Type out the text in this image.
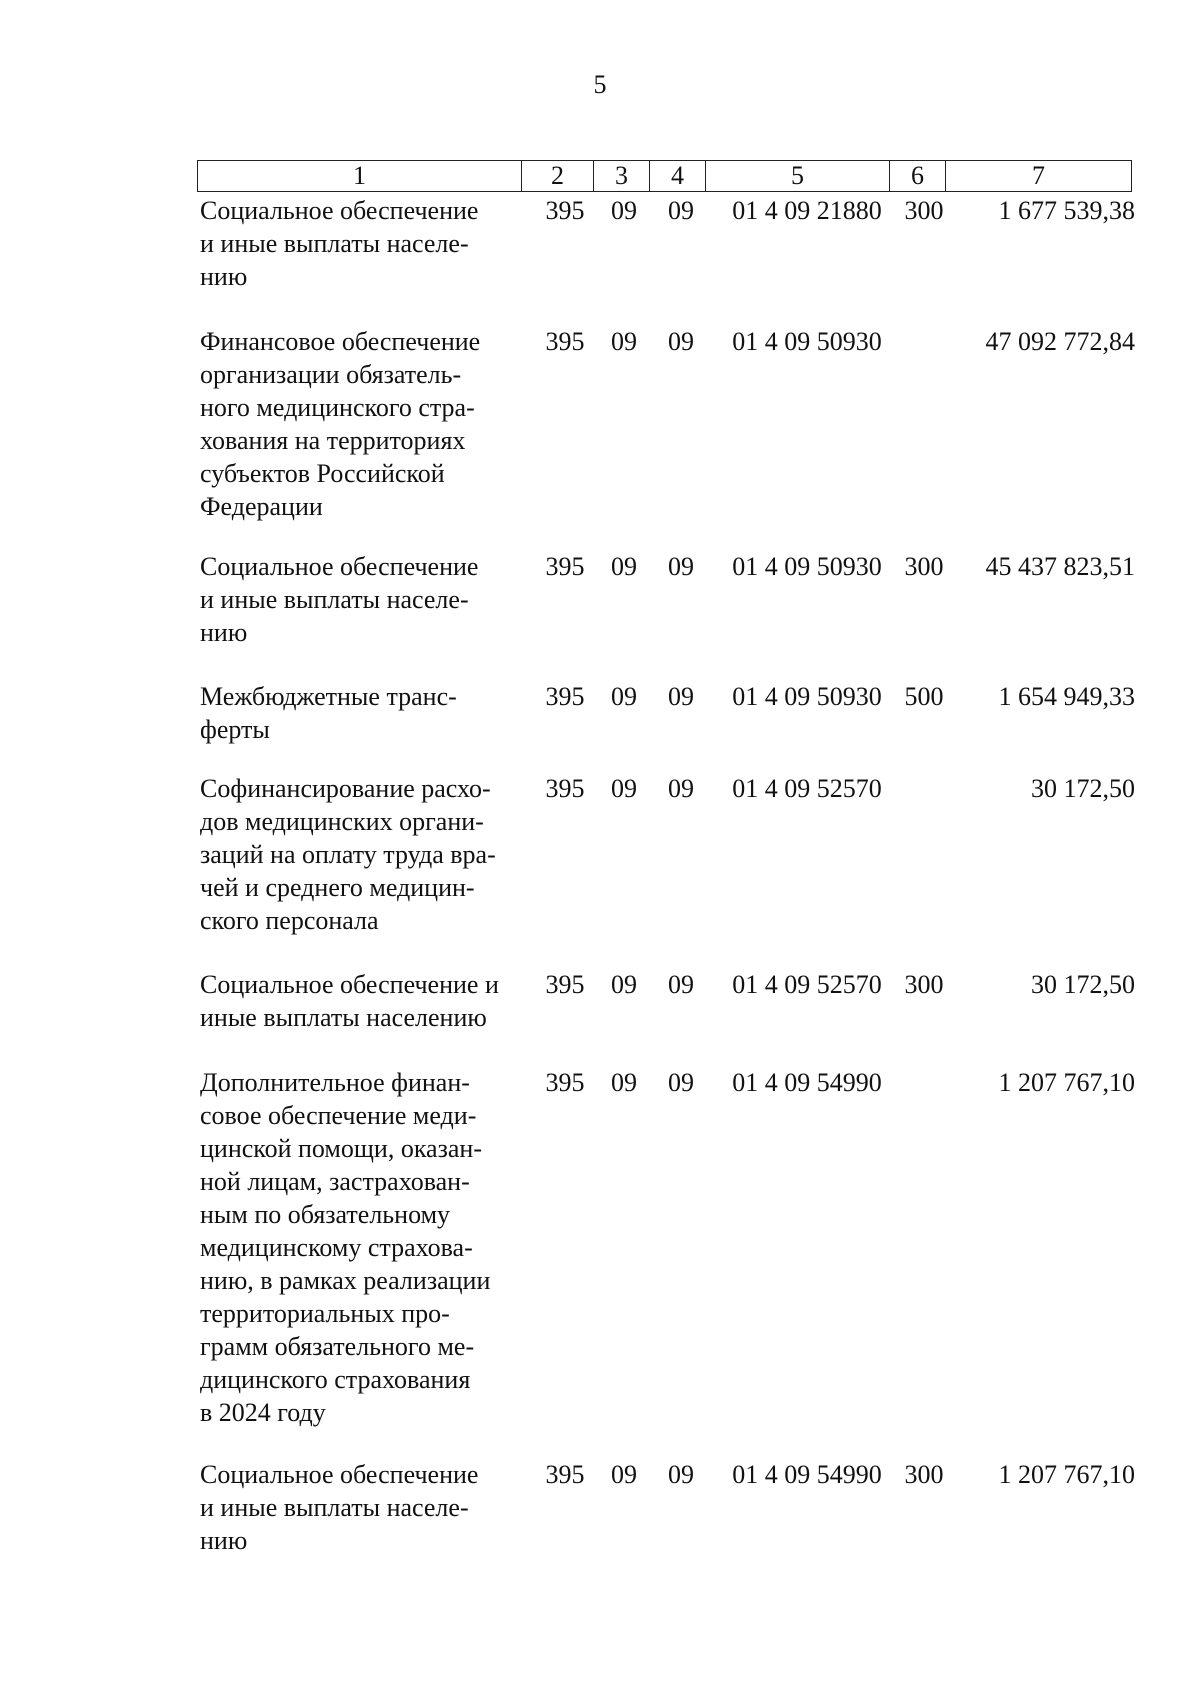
5
1	2	3	4	5	6	7
Социальное обеспечение
и иные выплаты населе-
нию
395	09	09	01 4 09 21880 300	1 677 539,38
Финансовое обеспечение
организации обязатель-
ного медицинского стра-
хования на территориях
субъектов Российской
Федерации
395	09	09	01 4 09 50930	47 092 772,84
Социальное обеспечение
и иные выплаты населе-
нию
395	09	09	01 4 09 50930 300	45 437 823,51
Межбюджетные транс-
ферты
395	09	09	01 4 09 50930 500	1 654 949,33
Софинансирование расхо-
дов медицинских органи-
заций на оплату труда вра-
чей и среднего медицин-
ского персонала
395	09	09	01 4 09 52570	30 172,50
Социальное обеспечение и
иные выплаты населению
395	09	09	01 4 09 52570 300	30 172,50
Дополнительное финан-
совое обеспечение меди-
цинской помощи, оказан-
ной лицам, застрахован-
ным по обязательному
медицинскому страхова-
нию, в рамках реализации
территориальных про-
грамм обязательного ме-
дицинского страхования
в 2024 году
395	09	09	01 4 09 54990	1 207 767,10
Социальное обеспечение
и иные выплаты населе-
нию
395	09	09	01 4 09 54990 300	1 207 767,10
